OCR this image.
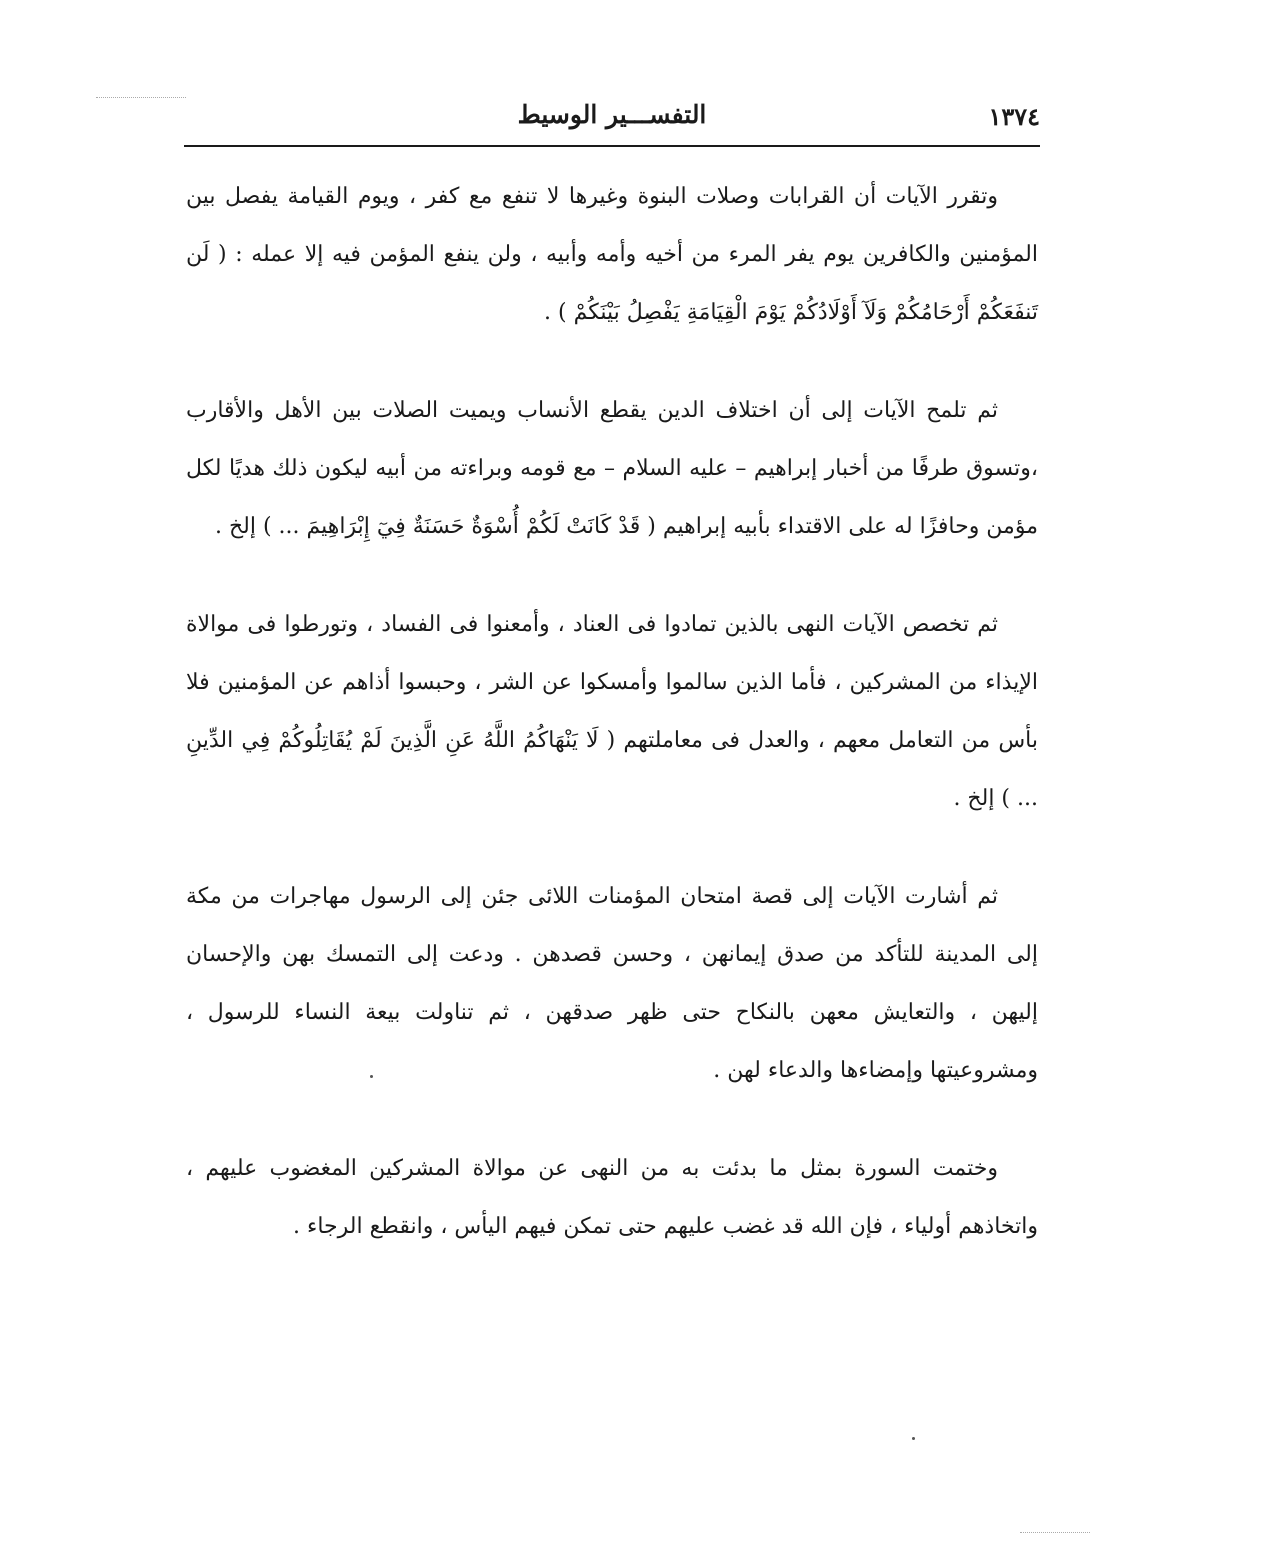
١٣٧٤
التفســـير الوسيط

وتقرر الآيات أن القرابات وصلات البنوة وغيرها لا تنفع مع كفر ، ويوم القيامة يفصل بين المؤمنين والكافرين يوم يفر المرء من أخيه وأمه وأبيه ، ولن ينفع المؤمن فيه إلا عمله : ( لَن تَنفَعَكُمْ أَرْحَامُكُمْ وَلَآ أَوْلَادُكُمْ يَوْمَ الْقِيَامَةِ يَفْصِلُ بَيْنَكُمْ ) .

ثم تلمح الآيات إلى أن اختلاف الدين يقطع الأنساب ويميت الصلات بين الأهل والأقارب ،وتسوق طرفًا من أخبار إبراهيم – عليه السلام – مع قومه وبراءته من أبيه ليكون ذلك هديًا لكل مؤمن وحافزًا له على الاقتداء بأبيه إبراهيم ( قَدْ كَانَتْ لَكُمْ أُسْوَةٌ حَسَنَةٌ فِيٓ إِبْرَاهِيمَ ... ) إلخ .

ثم تخصص الآيات النهى بالذين تمادوا فى العناد ، وأمعنوا فى الفساد ، وتورطوا فى موالاة الإيذاء من المشركين ، فأما الذين سالموا وأمسكوا عن الشر ، وحبسوا أذاهم عن المؤمنين فلا بأس من التعامل معهم ، والعدل فى معاملتهم ( لَا يَنْهَاكُمُ اللَّهُ عَنِ الَّذِينَ لَمْ يُقَاتِلُوكُمْ فِي الدِّينِ ... ) إلخ .

ثم أشارت الآيات إلى قصة امتحان المؤمنات اللائى جئن إلى الرسول مهاجرات من مكة إلى المدينة للتأكد من صدق إيمانهن ، وحسن قصدهن . ودعت إلى التمسك بهن والإحسان إليهن ، والتعايش معهن بالنكاح حتى ظهر صدقهن ، ثم تناولت بيعة النساء للرسول ، ومشروعيتها وإمضاءها والدعاء لهن .

وختمت السورة بمثل ما بدئت به من النهى عن موالاة المشركين المغضوب عليهم ، واتخاذهم أولياء ، فإن الله قد غضب عليهم حتى تمكن فيهم اليأس ، وانقطع الرجاء .
